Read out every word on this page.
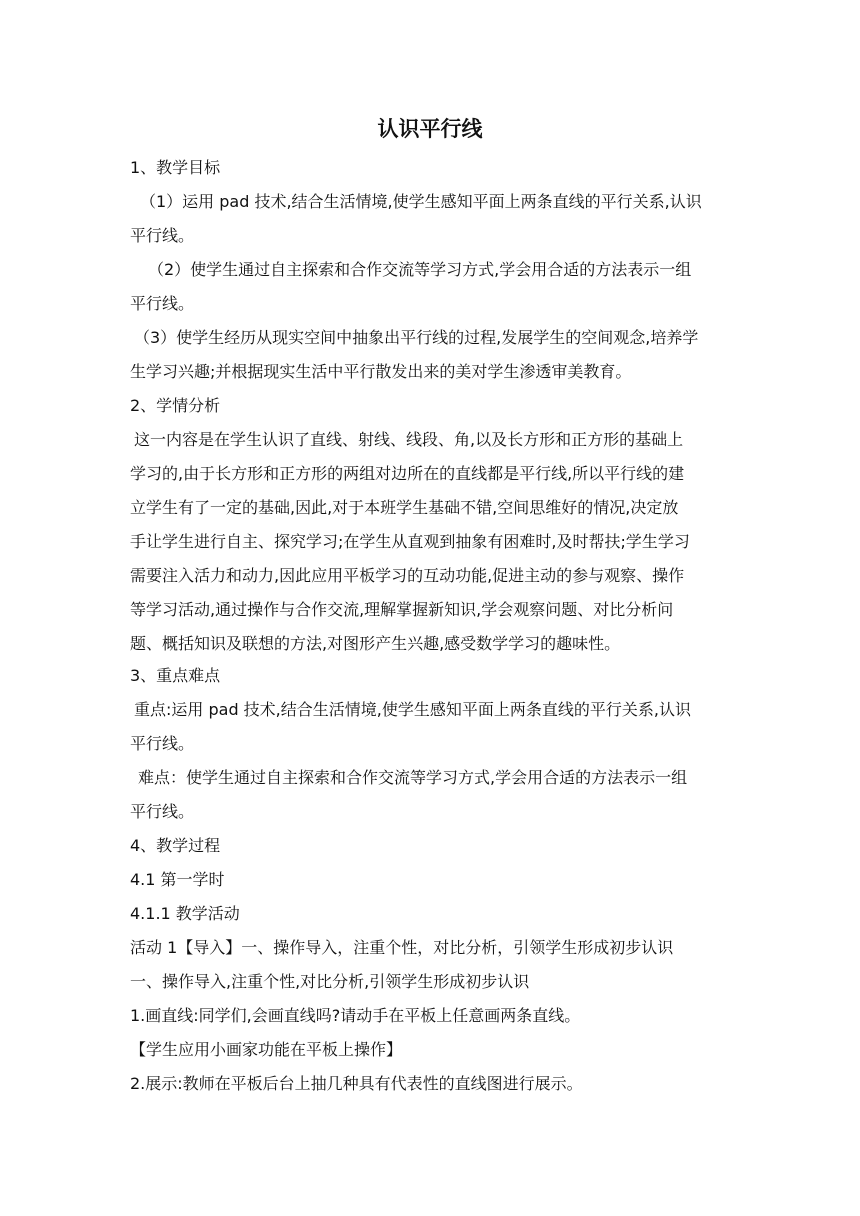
认识平行线
1、教学目标
（1）运用 pad 技术,结合生活情境,使学生感知平面上两条直线的平行关系,认识
平行线。
（2）使学生通过自主探索和合作交流等学习方式,学会用合适的方法表示一组
平行线。
（3）使学生经历从现实空间中抽象出平行线的过程,发展学生的空间观念,培养学
生学习兴趣;并根据现实生活中平行散发出来的美对学生渗透审美教育。
2、学情分析
这一内容是在学生认识了直线、射线、线段、角,以及长方形和正方形的基础上
学习的,由于长方形和正方形的两组对边所在的直线都是平行线,所以平行线的建
立学生有了一定的基础,因此,对于本班学生基础不错,空间思维好的情况,决定放
手让学生进行自主、探究学习;在学生从直观到抽象有困难时,及时帮扶;学生学习
需要注入活力和动力,因此应用平板学习的互动功能,促进主动的参与观察、操作
等学习活动,通过操作与合作交流,理解掌握新知识,学会观察问题、对比分析问
题、概括知识及联想的方法,对图形产生兴趣,感受数学学习的趣味性。
3、重点难点
重点:运用 pad 技术,结合生活情境,使学生感知平面上两条直线的平行关系,认识
平行线。
难点：使学生通过自主探索和合作交流等学习方式,学会用合适的方法表示一组
平行线。
4、教学过程
4.1 第一学时
4.1.1 教学活动
活动 1【导入】一、操作导入，注重个性，对比分析，引领学生形成初步认识
一、操作导入,注重个性,对比分析,引领学生形成初步认识
1.画直线:同学们,会画直线吗?请动手在平板上任意画两条直线。
【学生应用小画家功能在平板上操作】
2.展示:教师在平板后台上抽几种具有代表性的直线图进行展示。
